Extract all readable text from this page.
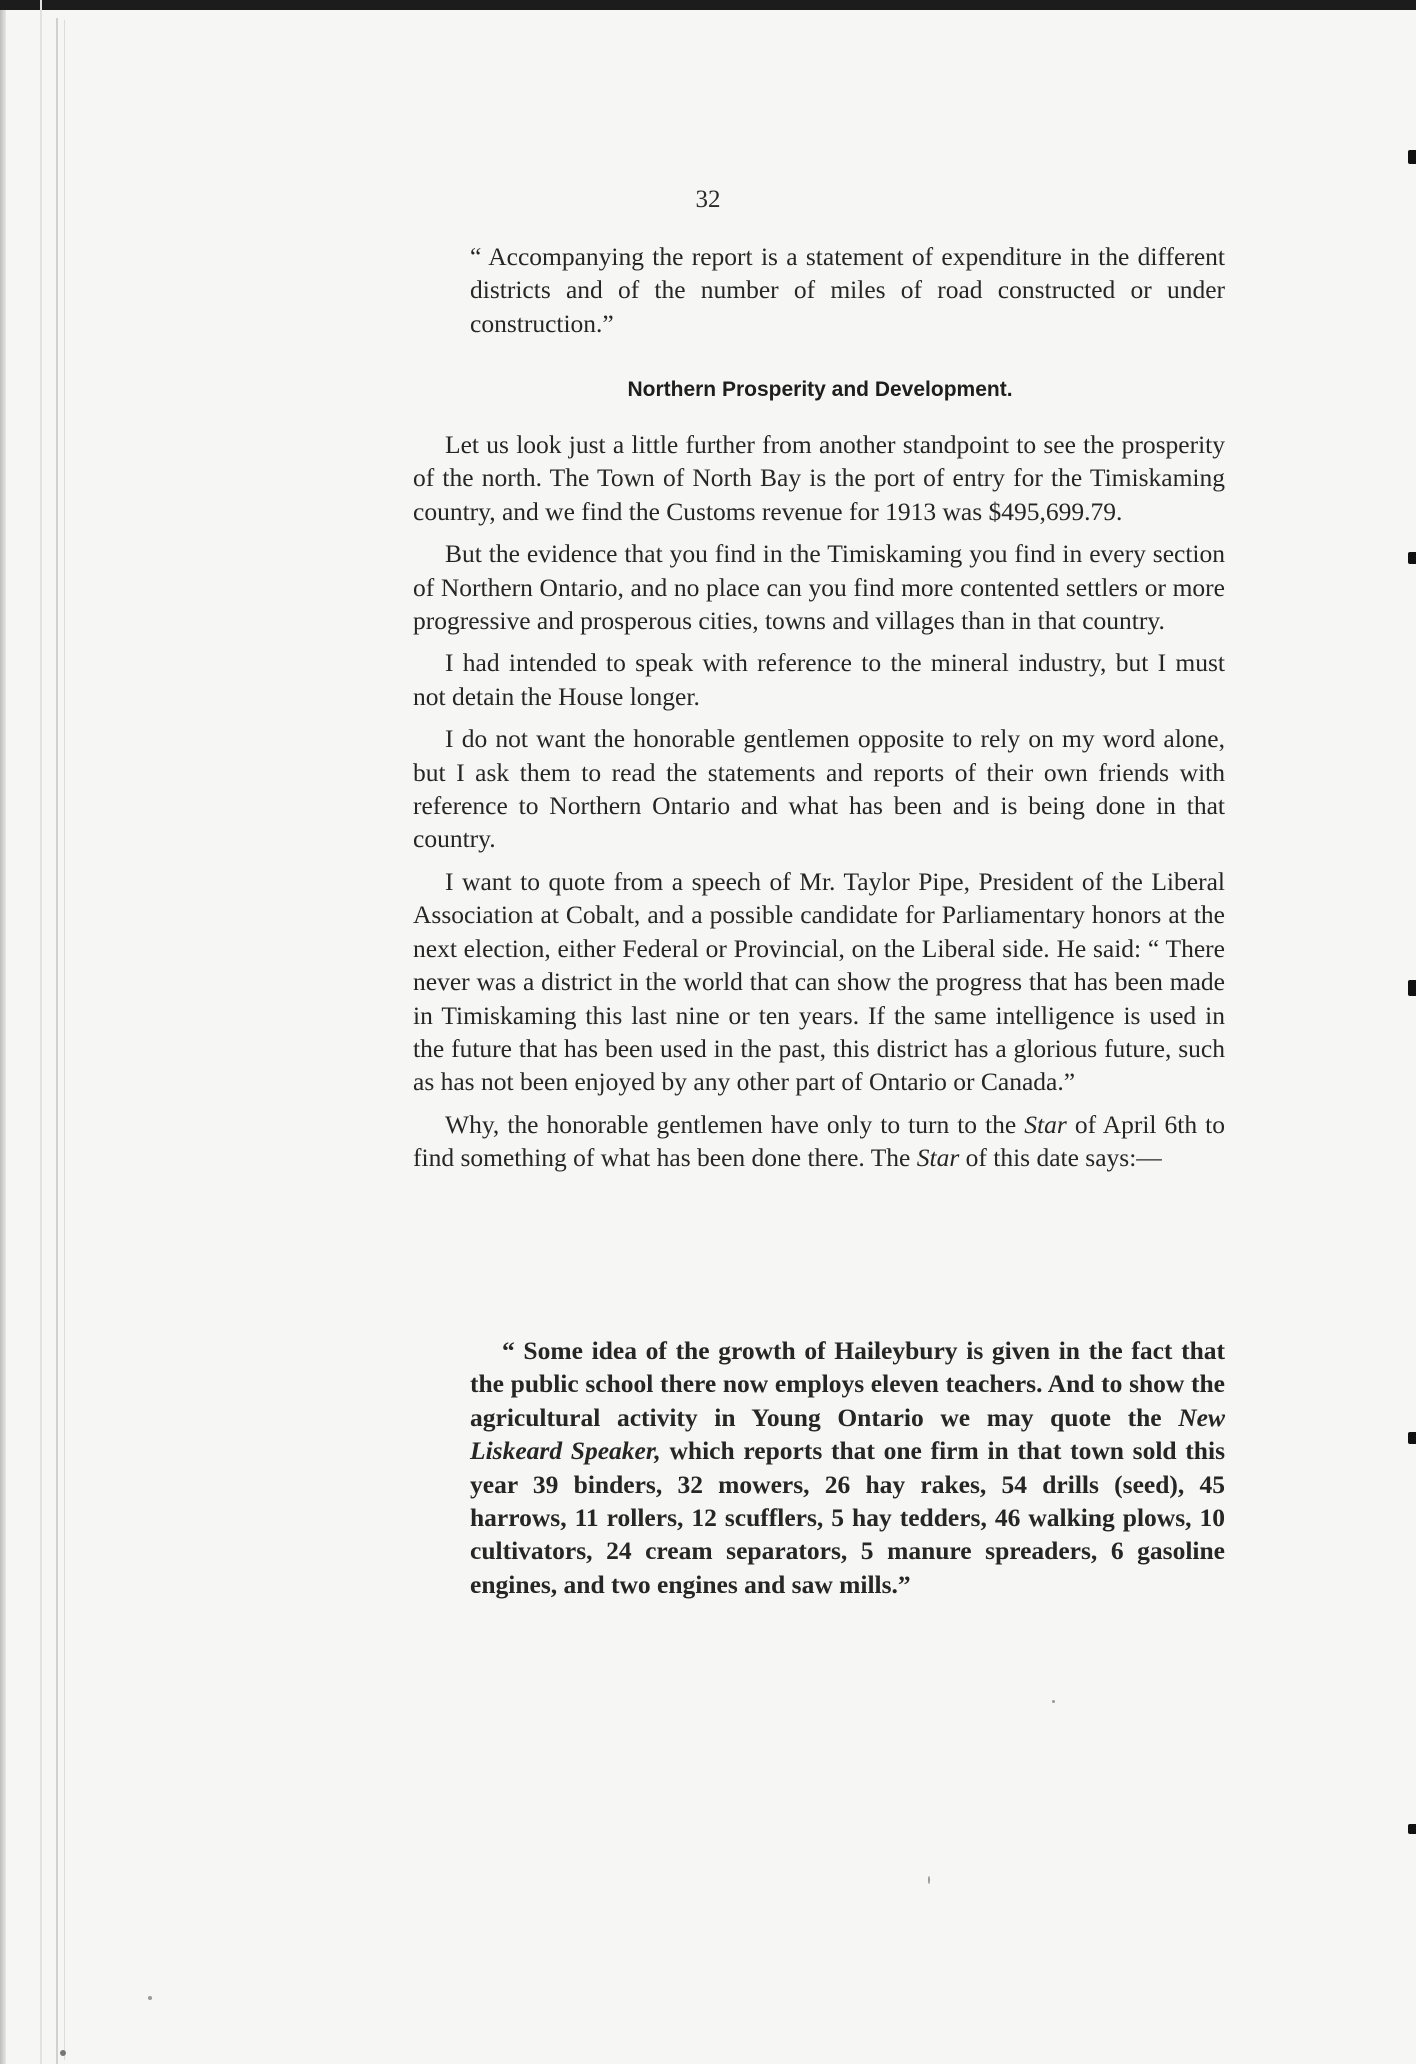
32
“ Accompanying the report is a statement of expenditure in the different districts and of the number of miles of road constructed or under construction.”
Northern Prosperity and Development.

Let us look just a little further from another standpoint to see the prosperity of the north. The Town of North Bay is the port of entry for the Timiskaming country, and we find the Customs revenue for 1913 was $495,699.79.

But the evidence that you find in the Timiskaming you find in every section of Northern Ontario, and no place can you find more contented settlers or more progressive and prosperous cities, towns and villages than in that country.

I had intended to speak with reference to the mineral industry, but I must not detain the House longer.

I do not want the honorable gentlemen opposite to rely on my word alone, but I ask them to read the statements and reports of their own friends with reference to Northern Ontario and what has been and is being done in that country.

I want to quote from a speech of Mr. Taylor Pipe, President of the Liberal Association at Cobalt, and a possible candidate for Parliamentary honors at the next election, either Federal or Provincial, on the Liberal side. He said: “ There never was a district in the world that can show the progress that has been made in Timiskaming this last nine or ten years. If the same intelligence is used in the future that has been used in the past, this district has a glorious future, such as has not been enjoyed by any other part of Ontario or Canada.”

Why, the honorable gentlemen have only to turn to the Star of April 6th to find something of what has been done there. The Star of this date says:—

“ Some idea of the growth of Haileybury is given in the fact that the public school there now employs eleven teachers. And to show the agricultural activity in Young Ontario we may quote the New Liskeard Speaker, which reports that one firm in that town sold this year 39 binders, 32 mowers, 26 hay rakes, 54 drills (seed), 45 harrows, 11 rollers, 12 scufflers, 5 hay tedders, 46 walking plows, 10 cultivators, 24 cream separators, 5 manure spreaders, 6 gasoline engines, and two engines and saw mills.”
